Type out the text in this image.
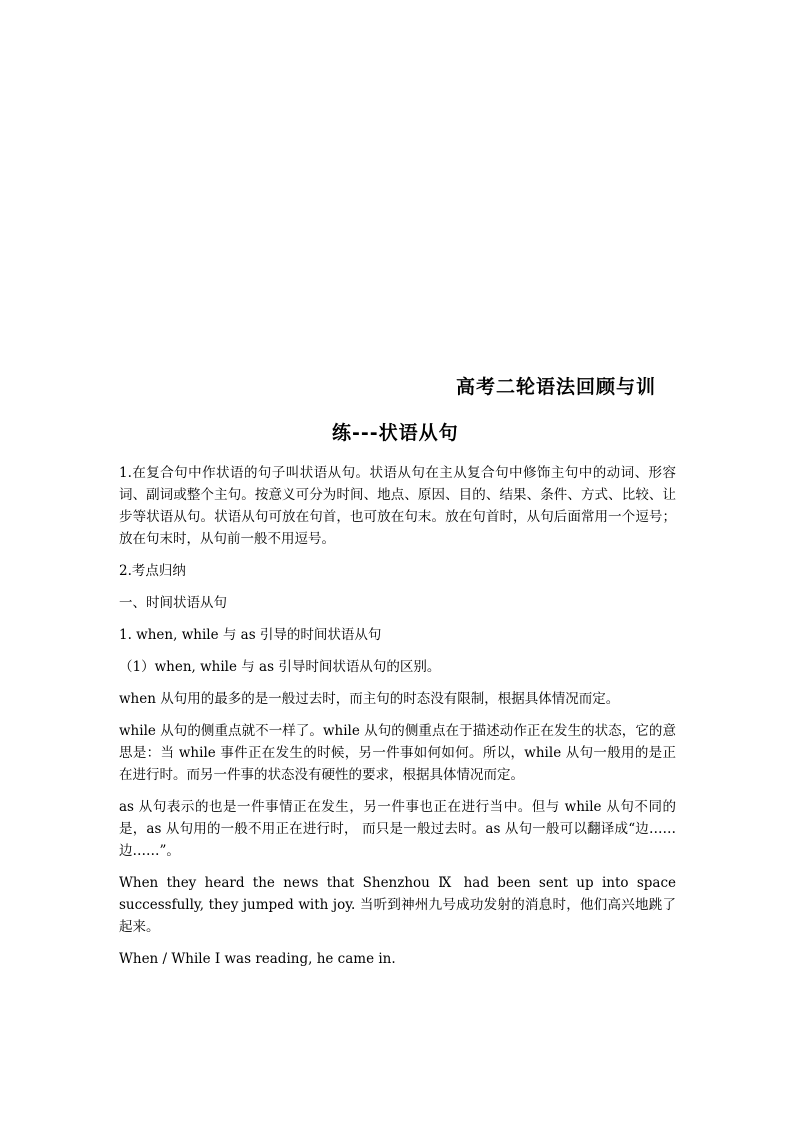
高考二轮语法回顾与训
练---状语从句

1.在复合句中作状语的句子叫状语从句。状语从句在主从复合句中修饰主句中的动词、形容词、副词或整个主句。按意义可分为时间、地点、原因、目的、结果、条件、方式、比较、让步等状语从句。状语从句可放在句首，也可放在句末。放在句首时，从句后面常用一个逗号；放在句末时，从句前一般不用逗号。

2.考点归纳

一、时间状语从句

1. when, while 与 as 引导的时间状语从句

（1）when, while 与 as 引导时间状语从句的区别。

when 从句用的最多的是一般过去时，而主句的时态没有限制，根据具体情况而定。

while 从句的侧重点就不一样了。while 从句的侧重点在于描述动作正在发生的状态，它的意思是：当 while 事件正在发生的时候，另一件事如何如何。所以，while 从句一般用的是正在进行时。而另一件事的状态没有硬性的要求，根据具体情况而定。

as 从句表示的也是一件事情正在发生，另一件事也正在进行当中。但与 while 从句不同的是，as 从句用的一般不用正在进行时， 而只是一般过去时。as 从句一般可以翻译成“边……边……”。

When they heard the news that Shenzhou Ⅸ had been sent up into space successfully, they jumped with joy. 当听到神州九号成功发射的消息时，他们高兴地跳了起来。

When / While I was reading, he came in.
